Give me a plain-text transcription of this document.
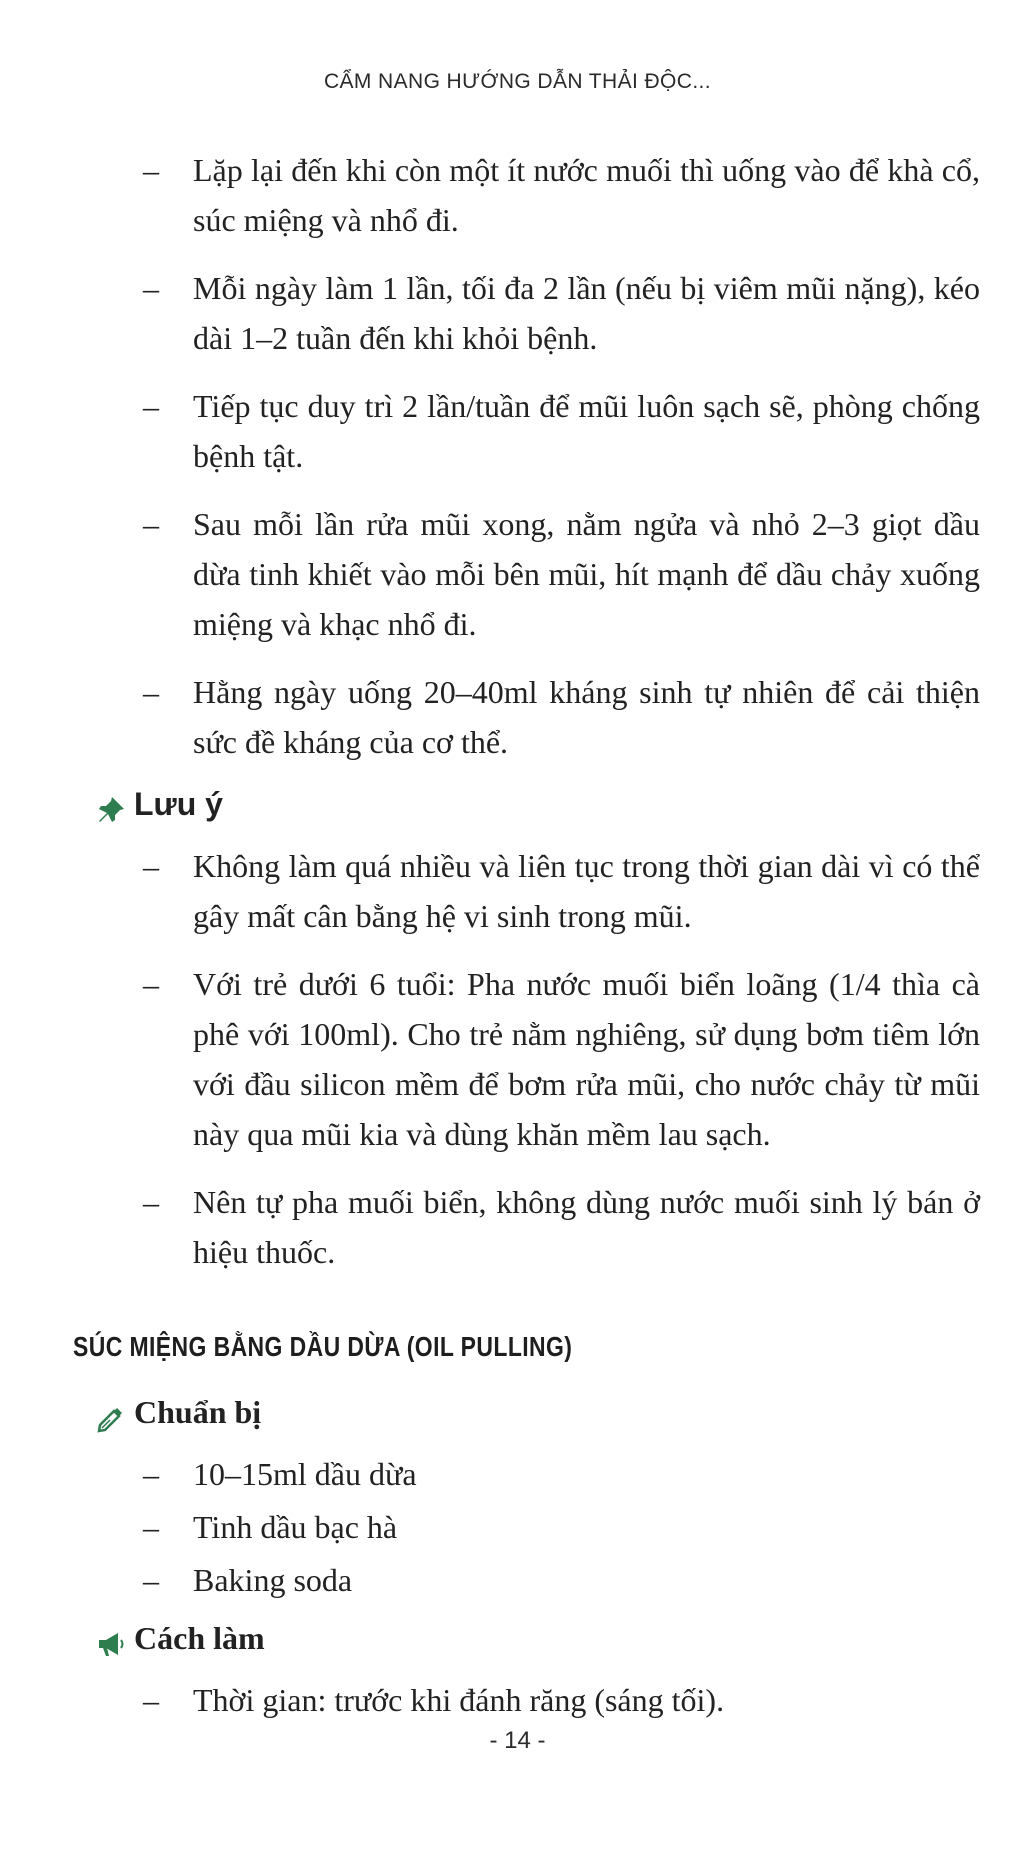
CẨM NANG HƯỚNG DẪN THẢI ĐỘC...
– Lặp lại đến khi còn một ít nước muối thì uống vào để khà cổ, súc miệng và nhổ đi.
– Mỗi ngày làm 1 lần, tối đa 2 lần (nếu bị viêm mũi nặng), kéo dài 1–2 tuần đến khi khỏi bệnh.
– Tiếp tục duy trì 2 lần/tuần để mũi luôn sạch sẽ, phòng chống bệnh tật.
– Sau mỗi lần rửa mũi xong, nằm ngửa và nhỏ 2–3 giọt dầu dừa tinh khiết vào mỗi bên mũi, hít mạnh để dầu chảy xuống miệng và khạc nhổ đi.
– Hằng ngày uống 20–40ml kháng sinh tự nhiên để cải thiện sức đề kháng của cơ thể.
Lưu ý
– Không làm quá nhiều và liên tục trong thời gian dài vì có thể gây mất cân bằng hệ vi sinh trong mũi.
– Với trẻ dưới 6 tuổi: Pha nước muối biển loãng (1/4 thìa cà phê với 100ml). Cho trẻ nằm nghiêng, sử dụng bơm tiêm lớn với đầu silicon mềm để bơm rửa mũi, cho nước chảy từ mũi này qua mũi kia và dùng khăn mềm lau sạch.
– Nên tự pha muối biển, không dùng nước muối sinh lý bán ở hiệu thuốc.
SÚC MIỆNG BẰNG DẦU DỪA (OIL PULLING)
Chuẩn bị
– 10–15ml dầu dừa
– Tinh dầu bạc hà
– Baking soda
Cách làm
– Thời gian: trước khi đánh răng (sáng tối).
- 14 -
